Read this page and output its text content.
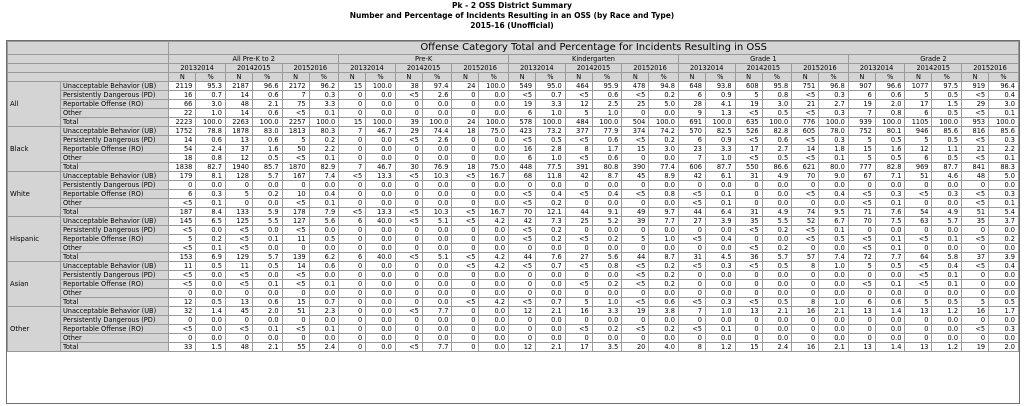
Pk - 2 OSS District Summary
Number and Percentage of Incidents Resulting in an OSS (by Race and Type)
2015-16 (Unofficial)
		Offense Category Total and Percentage for Incidents Resulting in OSS																													
		All Pre-K to 2						Pre-K						Kindergarten						Grade 1						Grade 2					
		20132014		20142015		20152016		20132014		20142015		20152016		20132014		20142015		20152016		20132014		20142015		20152016		20132014		20142015		20152016	
		N	%	N	%	N	%	N	%	N	%	N	%	N	%	N	%	N	%	N	%	N	%	N	%	N	%	N	%	N	%
All	Unacceptable Behavior (UB)	2119	95.3	2187	96.6	2172	96.2	15	100.0	38	97.4	24	100.0	549	95.0	464	95.9	478	94.8	648	93.8	608	95.8	751	96.8	907	96.6	1077	97.5	919	96.4
	Persistently Dangerous (PD)	16	0.7	14	0.6	7	0.3	0	0.0	<5	2.6	0	0.0	<5	0.7	<5	0.6	<5	0.2	6	0.9	5	0.8	<5	0.3	6	0.6	5	0.5	<5	0.4
	Reportable Offense (RO)	66	3.0	48	2.1	75	3.3	0	0.0	0	0.0	0	0.0	19	3.3	12	2.5	25	5.0	28	4.1	19	3.0	21	2.7	19	2.0	17	1.5	29	3.0
	Other	22	1.0	14	0.6	<5	0.1	0	0.0	0	0.0	0	0.0	6	1.0	5	1.0	0	0.0	9	1.3	<5	0.5	<5	0.3	7	0.8	6	0.5	<5	0.1
	Total	2223	100.0	2263	100.0	2257	100.0	15	100.0	39	100.0	24	100.0	578	100.0	484	100.0	504	100.0	691	100.0	635	100.0	776	100.0	939	100.0	1105	100.0	953	100.0
Black	Unacceptable Behavior (UB)	1752	78.8	1878	83.0	1813	80.3	7	46.7	29	74.4	18	75.0	423	73.2	377	77.9	374	74.2	570	82.5	526	82.8	605	78.0	752	80.1	946	85.6	816	85.6
	Persistently Dangerous (PD)	14	0.6	13	0.6	5	0.2	0	0.0	<5	2.6	0	0.0	<5	0.5	<5	0.6	<5	0.2	6	0.9	<5	0.6	<5	0.3	5	0.5	5	0.5	<5	0.3
	Reportable Offense (RO)	54	2.4	37	1.6	50	2.2	0	0.0	0	0.0	0	0.0	16	2.8	8	1.7	15	3.0	23	3.3	17	2.7	14	1.8	15	1.6	12	1.1	21	2.2
	Other	18	0.8	12	0.5	<5	0.1	0	0.0	0	0.0	0	0.0	6	1.0	<5	0.6	0	0.0	7	1.0	<5	0.5	<5	0.1	5	0.5	6	0.5	<5	0.1
	Total	1838	82.7	1940	85.7	1870	82.9	7	46.7	30	76.9	18	75.0	448	77.5	391	80.8	390	77.4	606	87.7	550	86.6	621	80.0	777	82.8	969	87.7	841	88.3
White	Unacceptable Behavior (UB)	179	8.1	128	5.7	167	7.4	<5	13.3	<5	10.3	<5	16.7	68	11.8	42	8.7	45	8.9	42	6.1	31	4.9	70	9.0	67	7.1	51	4.6	48	5.0
	Persistently Dangerous (PD)	0	0.0	0	0.0	0	0.0	0	0.0	0	0.0	0	0.0	0	0.0	0	0.0	0	0.0	0	0.0	0	0.0	0	0.0	0	0.0	0	0.0	0	0.0
	Reportable Offense (RO)	6	0.3	5	0.2	10	0.4	0	0.0	0	0.0	0	0.0	<5	0.4	<5	0.4	<5	0.8	<5	0.1	0	0.0	<5	0.4	<5	0.3	<5	0.3	<5	0.3
	Other	<5	0.1	0	0.0	<5	0.1	0	0.0	0	0.0	0	0.0	<5	0.2	0	0.0	0	0.0	<5	0.1	0	0.0	0	0.0	<5	0.1	0	0.0	<5	0.1
	Total	187	8.4	133	5.9	178	7.9	<5	13.3	<5	10.3	<5	16.7	70	12.1	44	9.1	49	9.7	44	6.4	31	4.9	74	9.5	71	7.6	54	4.9	51	5.4
Hispanic	Unacceptable Behavior (UB)	145	6.5	125	5.5	127	5.6	6	40.0	<5	5.1	<5	4.2	42	7.3	25	5.2	39	7.7	27	3.9	35	5.5	52	6.7	70	7.5	63	5.7	35	3.7
	Persistently Dangerous (PD)	<5	0.0	<5	0.0	<5	0.0	0	0.0	0	0.0	0	0.0	<5	0.2	0	0.0	0	0.0	0	0.0	<5	0.2	<5	0.1	0	0.0	0	0.0	0	0.0
	Reportable Offense (RO)	5	0.2	<5	0.1	11	0.5	0	0.0	0	0.0	0	0.0	<5	0.2	<5	0.2	5	1.0	<5	0.4	0	0.0	<5	0.5	<5	0.1	<5	0.1	<5	0.2
	Other	<5	0.1	<5	0.0	0	0.0	0	0.0	0	0.0	0	0.0	0	0.0	0	0.0	0	0.0	0	0.0	<5	0.2	0	0.0	<5	0.1	0	0.0	0	0.0
	Total	153	6.9	129	5.7	139	6.2	6	40.0	<5	5.1	<5	4.2	44	7.6	27	5.6	44	8.7	31	4.5	36	5.7	57	7.4	72	7.7	64	5.8	37	3.9
Asian	Unacceptable Behavior (UB)	11	0.5	11	0.5	14	0.6	0	0.0	0	0.0	<5	4.2	<5	0.7	<5	0.8	<5	0.2	<5	0.3	<5	0.5	8	1.0	5	0.5	<5	0.4	<5	0.4
	Persistently Dangerous (PD)	<5	0.0	<5	0.0	<5	0.0	0	0.0	0	0.0	0	0.0	0	0.0	0	0.0	<5	0.2	0	0.0	0	0.0	0	0.0	0	0.0	<5	0.1	0	0.0
	Reportable Offense (RO)	<5	0.0	<5	0.1	<5	0.1	0	0.0	0	0.0	0	0.0	0	0.0	<5	0.2	<5	0.2	0	0.0	0	0.0	0	0.0	<5	0.1	<5	0.1	0	0.0
	Other	0	0.0	0	0.0	0	0.0	0	0.0	0	0.0	0	0.0	0	0.0	0	0.0	0	0.0	0	0.0	0	0.0	0	0.0	0	0.0	0	0.0	0	0.0
	Total	12	0.5	13	0.6	15	0.7	0	0.0	0	0.0	<5	4.2	<5	0.7	5	1.0	<5	0.6	<5	0.3	<5	0.5	8	1.0	6	0.6	5	0.5	5	0.5
Other	Unacceptable Behavior (UB)	32	1.4	45	2.0	51	2.3	0	0.0	<5	7.7	0	0.0	12	2.1	16	3.3	19	3.8	7	1.0	13	2.1	16	2.1	13	1.4	13	1.2	16	1.7
	Persistently Dangerous (PD)	0	0.0	0	0.0	0	0.0	0	0.0	0	0.0	0	0.0	0	0.0	0	0.0	0	0.0	0	0.0	0	0.0	0	0.0	0	0.0	0	0.0	0	0.0
	Reportable Offense (RO)	<5	0.0	<5	0.1	<5	0.1	0	0.0	0	0.0	0	0.0	0	0.0	<5	0.2	<5	0.2	<5	0.1	0	0.0	0	0.0	0	0.0	0	0.0	<5	0.3
	Other	0	0.0	0	0.0	0	0.0	0	0.0	0	0.0	0	0.0	0	0.0	0	0.0	0	0.0	0	0.0	0	0.0	0	0.0	0	0.0	0	0.0	0	0.0
	Total	33	1.5	48	2.1	55	2.4	0	0.0	<5	7.7	0	0.0	12	2.1	17	3.5	20	4.0	8	1.2	15	2.4	16	2.1	13	1.4	13	1.2	19	2.0
